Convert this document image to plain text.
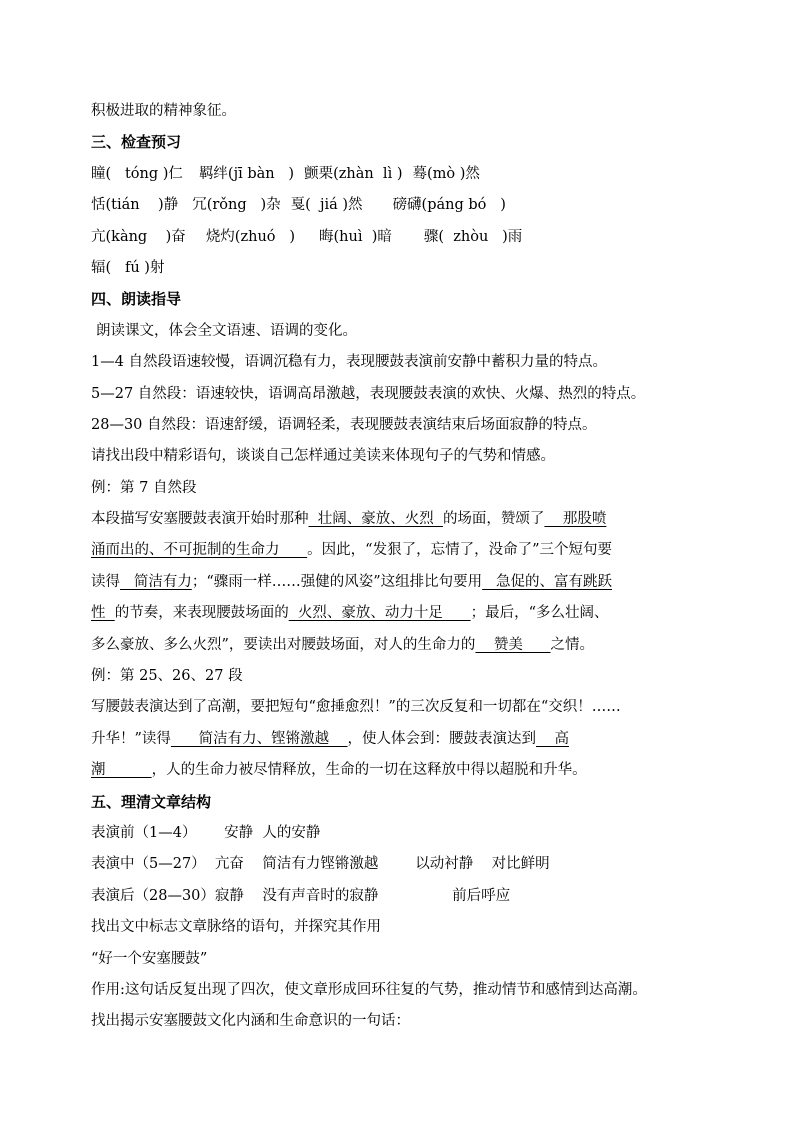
积极进取的精神象征。
三、检查预习
瞳(   tóng )仁 羁绊(jī bàn   ) 颤栗(zhàn  lì ) 蓦(mò )然
恬(tián    )静 冗(rǒng   )杂 戛(  jiá )然 磅礴(páng bó   )
亢(kàng    )奋 烧灼(zhuó   ) 晦(huì  )暗 骤(  zhòu   )雨
辐(   fú )射
四、朗读指导
朗读课文，体会全文语速、语调的变化。
1—4 自然段语速较慢，语调沉稳有力，表现腰鼓表演前安静中蓄积力量的特点。
5—27 自然段：语速较快，语调高昂激越，表现腰鼓表演的欢快、火爆、热烈的特点。
28—30 自然段：语速舒缓，语调轻柔，表现腰鼓表演结束后场面寂静的特点。
请找出段中精彩语句，谈谈自己怎样通过美读来体现句子的气势和情感。
例：第 7 自然段
本段描写安塞腰鼓表演开始时那种  壮阔、豪放、火烈  的场面，赞颂了    那股喷
涌而出的、不可扼制的生命力      。因此，“发狠了，忘情了，没命了”三个短句要
读得   简洁有力；“骤雨一样……强健的风姿”这组排比句要用   急促的、富有跳跃
性  的节奏，来表现腰鼓场面的  火烈、豪放、动力十足      ；最后，“多么壮阔、
多么豪放、多么火烈”，要读出对腰鼓场面，对人的生命力的    赞美      之情。
例：第 25、26、27 段
写腰鼓表演达到了高潮，要把短句“愈捶愈烈！”的三次反复和一切都在“交织！……
升华！”读得      简洁有力、铿锵激越    ，使人体会到：腰鼓表演达到    高
潮          ，人的生命力被尽情释放，生命的一切在这释放中得以超脱和升华。
五、理清文章结构
表演前（1—4）      安静  人的安静
表演中（5—27）  亢奋    简洁有力铿锵激越        以动衬静    对比鲜明
表演后（28—30）寂静    没有声音时的寂静                前后呼应
找出文中标志文章脉络的语句，并探究其作用
“好一个安塞腰鼓”
作用:这句话反复出现了四次，使文章形成回环往复的气势，推动情节和感情到达高潮。
找出揭示安塞腰鼓文化内涵和生命意识的一句话：
